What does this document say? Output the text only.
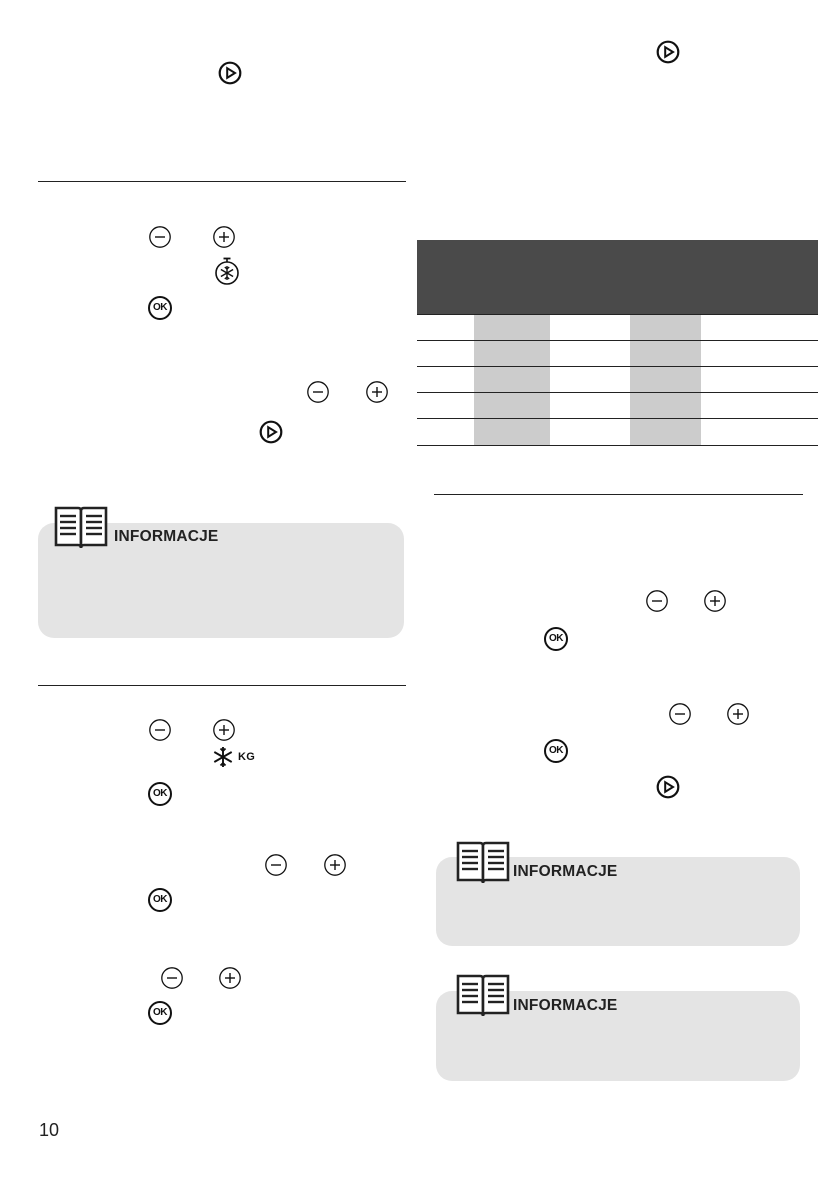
OK
INFORMACJE
KG
OK
OK
OK
10
OK
OK
INFORMACJE
INFORMACJE
